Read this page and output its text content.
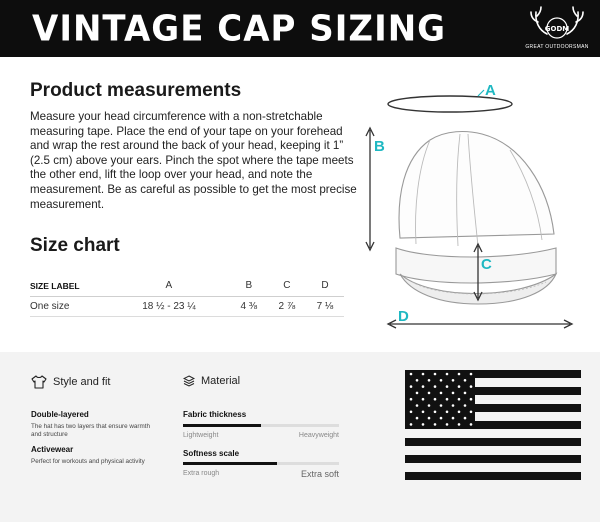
VINTAGE CAP SIZING	GODM
GREAT OUTDOORSMAN
Product measurements
Measure your head circumference with a non-stretchable measuring tape. Place the end of your tape on your forehead and wrap the rest around the back of your head, keeping it 1” (2.5 cm) above your ears. Pinch the spot where the tape meets the other end, lift the loop over your head, and note the measurement. Be as careful as possible to get the most precise measurement.
Size chart
SIZE LABEL	A	B	C	D
One size	18 ½ - 23 ¼	4 ⅜	2 ⅞	7 ⅛
A
B
C
D
Style and fit
Double-layered
The hat has two layers that ensure warmth and structure
Activewear
Perfect for workouts and physical activity
Material
Fabric thickness
Lightweight	Heavyweight
Softness scale
Extra rough	Extra soft
